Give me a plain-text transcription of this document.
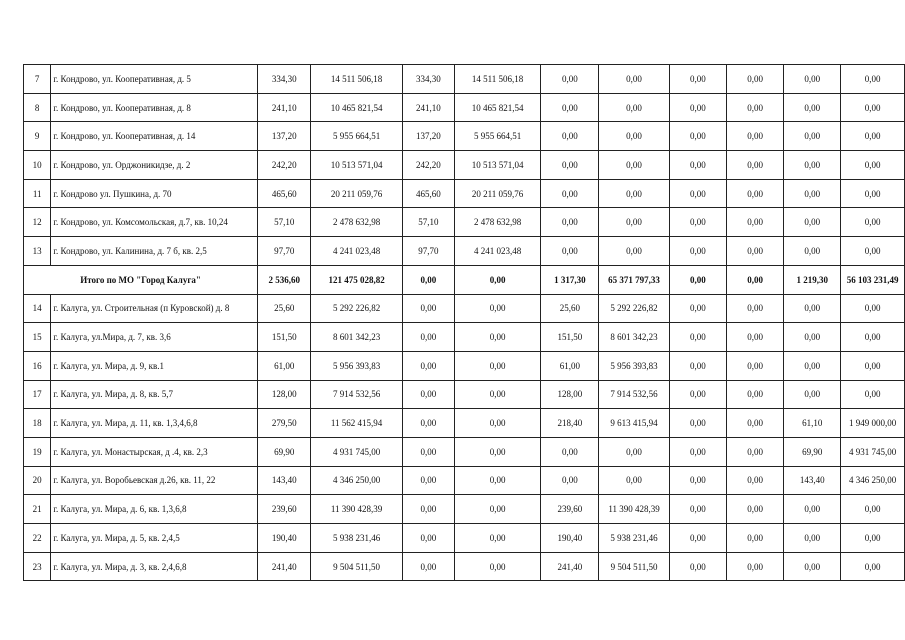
7	г. Кондрово, ул. Кооперативная, д. 5	334,30	14 511 506,18	334,30	14 511 506,18	0,00	0,00	0,00	0,00	0,00	0,00
8	г. Кондрово, ул. Кооперативная, д. 8	241,10	10 465 821,54	241,10	10 465 821,54	0,00	0,00	0,00	0,00	0,00	0,00
9	г. Кондрово, ул. Кооперативная, д. 14	137,20	5 955 664,51	137,20	5 955 664,51	0,00	0,00	0,00	0,00	0,00	0,00
10	г. Кондрово, ул. Орджоникидзе, д. 2	242,20	10 513 571,04	242,20	10 513 571,04	0,00	0,00	0,00	0,00	0,00	0,00
11	г. Кондрово ул. Пушкина, д. 70	465,60	20 211 059,76	465,60	20 211 059,76	0,00	0,00	0,00	0,00	0,00	0,00
12	г. Кондрово, ул. Комсомольская, д.7, кв. 10,24	57,10	2 478 632,98	57,10	2 478 632,98	0,00	0,00	0,00	0,00	0,00	0,00
13	г. Кондрово, ул. Калинина, д. 7 б, кв. 2,5	97,70	4 241 023,48	97,70	4 241 023,48	0,00	0,00	0,00	0,00	0,00	0,00
Итого по МО "Город Калуга"		2 536,60	121 475 028,82	0,00	0,00	1 317,30	65 371 797,33	0,00	0,00	1 219,30	56 103 231,49
14	г. Калуга, ул. Строительная (п Куровской) д. 8	25,60	5 292 226,82	0,00	0,00	25,60	5 292 226,82	0,00	0,00	0,00	0,00
15	г. Калуга, ул.Мира, д. 7, кв. 3,6	151,50	8 601 342,23	0,00	0,00	151,50	8 601 342,23	0,00	0,00	0,00	0,00
16	г. Калуга, ул. Мира, д. 9, кв.1	61,00	5 956 393,83	0,00	0,00	61,00	5 956 393,83	0,00	0,00	0,00	0,00
17	г. Калуга, ул. Мира, д. 8, кв. 5,7	128,00	7 914 532,56	0,00	0,00	128,00	7 914 532,56	0,00	0,00	0,00	0,00
18	г. Калуга, ул. Мира, д. 11, кв. 1,3,4,6,8	279,50	11 562 415,94	0,00	0,00	218,40	9 613 415,94	0,00	0,00	61,10	1 949 000,00
19	г. Калуга, ул. Монастырская, д .4, кв. 2,3	69,90	4 931 745,00	0,00	0,00	0,00	0,00	0,00	0,00	69,90	4 931 745,00
20	г. Калуга, ул. Воробьевская д.26, кв. 11, 22	143,40	4 346 250,00	0,00	0,00	0,00	0,00	0,00	0,00	143,40	4 346 250,00
21	г. Калуга, ул. Мира, д. 6, кв. 1,3,6,8	239,60	11 390 428,39	0,00	0,00	239,60	11 390 428,39	0,00	0,00	0,00	0,00
22	г. Калуга, ул. Мира, д. 5, кв. 2,4,5	190,40	5 938 231,46	0,00	0,00	190,40	5 938 231,46	0,00	0,00	0,00	0,00
23	г. Калуга, ул. Мира, д. 3, кв. 2,4,6,8	241,40	9 504 511,50	0,00	0,00	241,40	9 504 511,50	0,00	0,00	0,00	0,00
